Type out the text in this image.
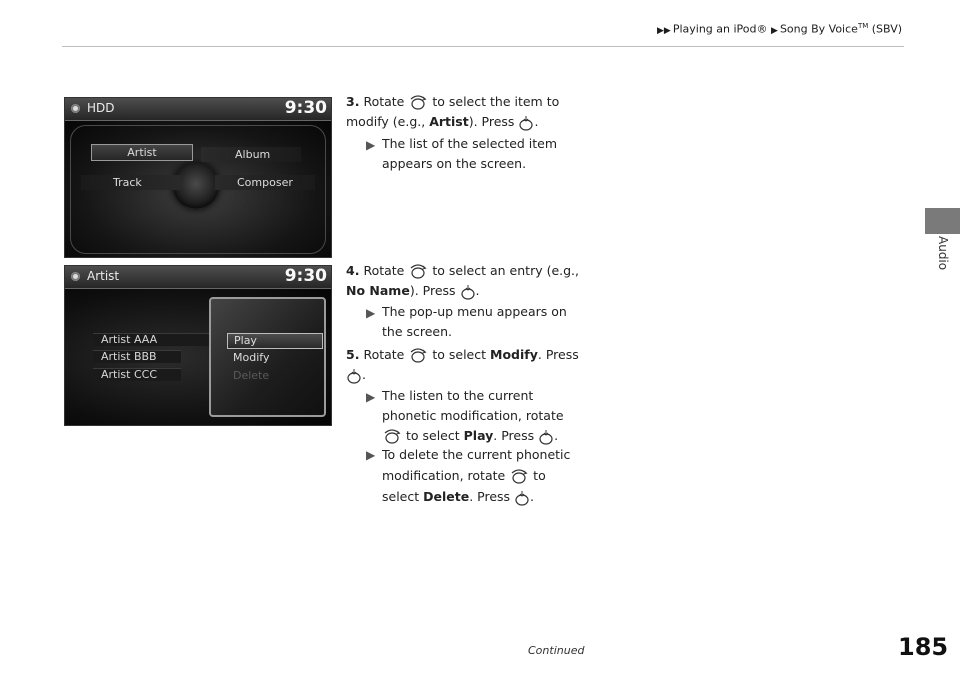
▶▶ Playing an iPod® ▶ Song By Voice™ (SBV)
Audio
HDD	9:30
Artist	Album
Track	Composer
Artist	9:30
Artist AAA
Artist BBB
Artist CCC
Play
Modify
Delete
3. Rotate to select the item to modify (e.g., Artist). Press .
▶ The list of the selected item appears on the screen.
4. Rotate to select an entry (e.g., No Name). Press .
▶ The pop-up menu appears on the screen.
5. Rotate to select Modify. Press .
▶ The listen to the current phonetic modification, rotate  to select Play. Press .
▶ To delete the current phonetic modification, rotate to select Delete. Press .
Continued	185
